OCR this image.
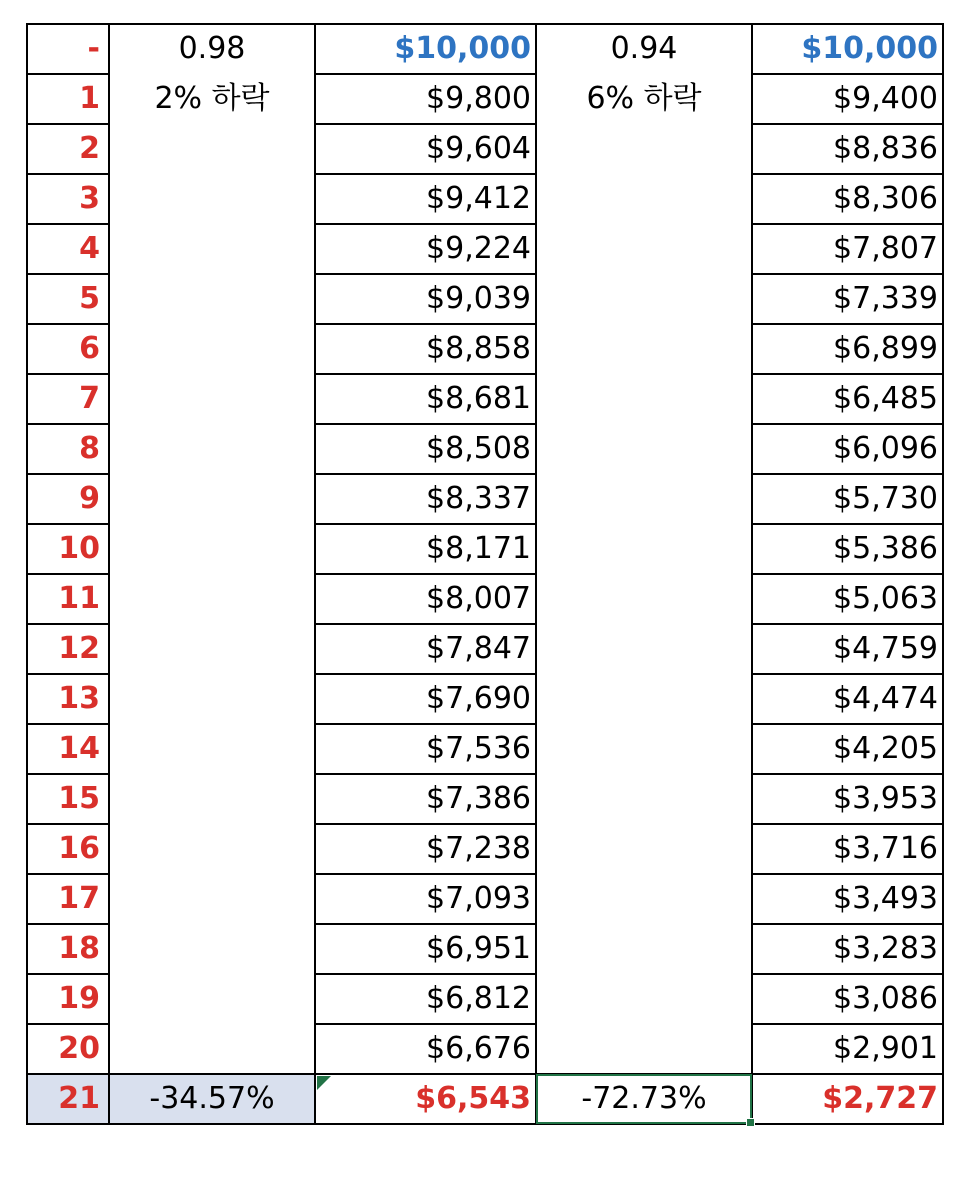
-	0.98	$10,000	0.94	$10,000
1	2% 하락	$9,800	6% 하락	$9,400
2		$9,604		$8,836
3		$9,412		$8,306
4		$9,224		$7,807
5		$9,039		$7,339
6		$8,858		$6,899
7		$8,681		$6,485
8		$8,508		$6,096
9		$8,337		$5,730
10		$8,171		$5,386
11		$8,007		$5,063
12		$7,847		$4,759
13		$7,690		$4,474
14		$7,536		$4,205
15		$7,386		$3,953
16		$7,238		$3,716
17		$7,093		$3,493
18		$6,951		$3,283
19		$6,812		$3,086
20		$6,676		$2,901
21	-34.57%	$6,543	-72.73%	$2,727
